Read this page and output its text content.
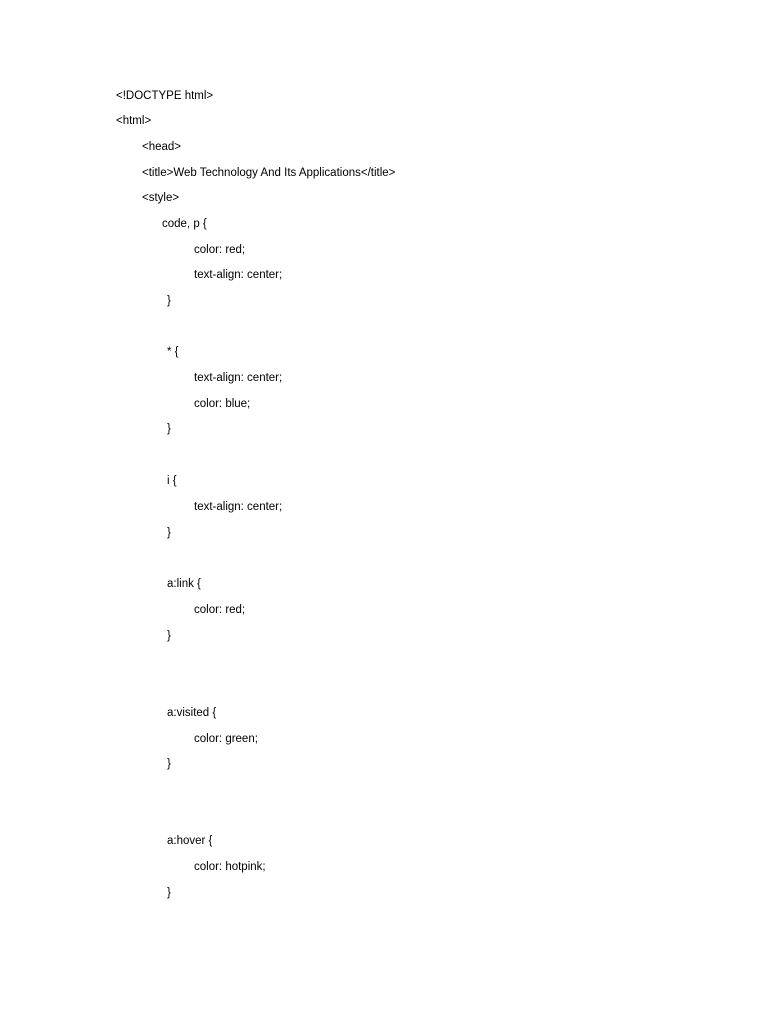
<!DOCTYPE html>
<html>
<head>
<title>Web Technology And Its Applications</title>
<style>
code, p {
color: red;
text-align: center;
}
* {
text-align: center;
color: blue;
}
i {
text-align: center;
}
a:link {
color: red;
}
a:visited {
color: green;
}
a:hover {
color: hotpink;
}
